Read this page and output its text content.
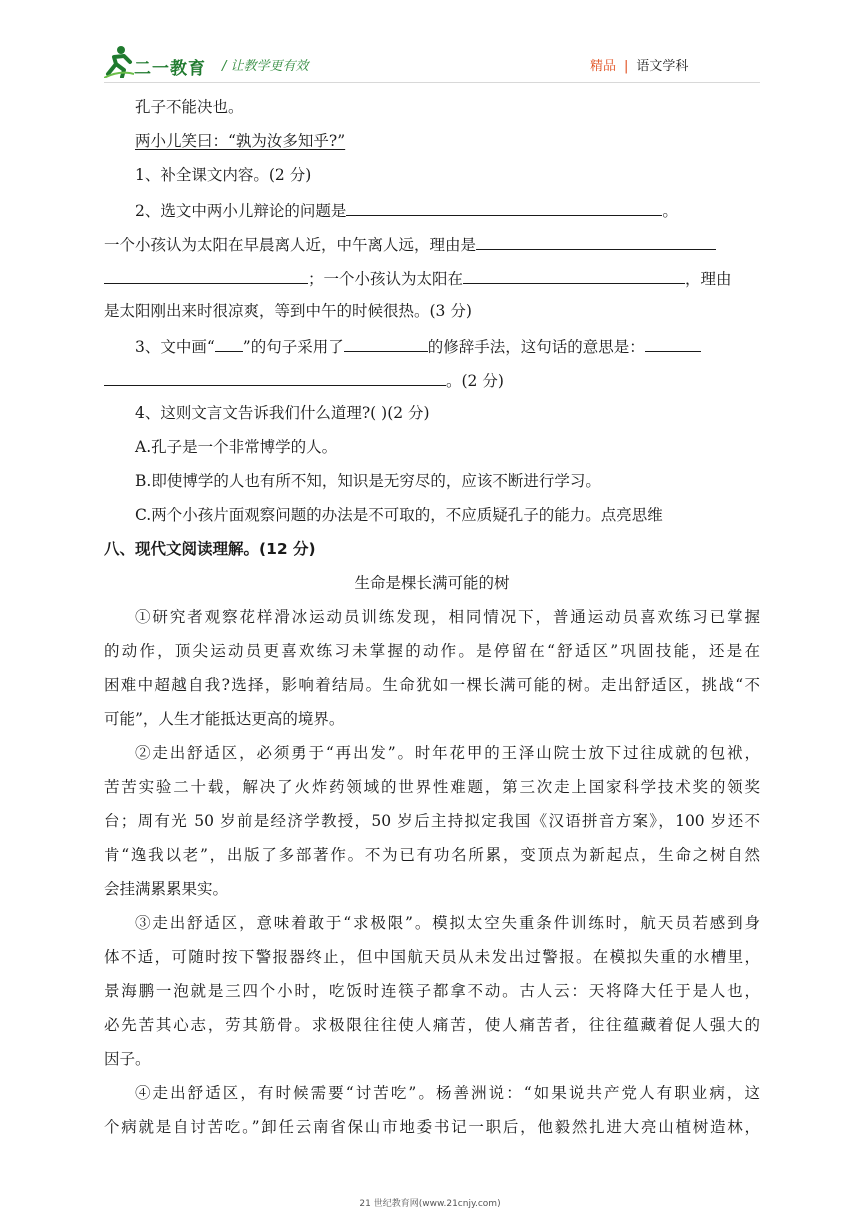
二一教育 / 让教学更有效	精品 | 语文学科
孔子不能决也。
两小儿笑曰：“孰为汝多知乎?”
1、补全课文内容。(2 分)
2、选文中两小儿辩论的问题是	。
一个小孩认为太阳在早晨离人近，中午离人远，理由是
；一个小孩认为太阳在	，理由
是太阳刚出来时很凉爽，等到中午的时候很热。(3 分)
3、文中画“ ”的句子采用了	的修辞手法，这句话的意思是：
。(2 分)
4、这则文言文告诉我们什么道理?( )(2 分)
A.孔子是一个非常博学的人。
B.即使博学的人也有所不知，知识是无穷尽的，应该不断进行学习。
C.两个小孩片面观察问题的办法是不可取的，不应质疑孔子的能力。点亮思维
八、现代文阅读理解。(12 分)
生命是棵长满可能的树
①研究者观察花样滑冰运动员训练发现，相同情况下，普通运动员喜欢练习已掌握
的动作，顶尖运动员更喜欢练习未掌握的动作。是停留在“舒适区”巩固技能，还是在
困难中超越自我?选择，影响着结局。生命犹如一棵长满可能的树。走出舒适区，挑战“不
可能”，人生才能抵达更高的境界。
②走出舒适区，必须勇于“再出发”。时年花甲的王泽山院士放下过往成就的包袱，
苦苦实验二十载，解决了火炸药领域的世界性难题，第三次走上国家科学技术奖的领奖
台；周有光 50 岁前是经济学教授，50 岁后主持拟定我国《汉语拼音方案》，100 岁还不
肯“逸我以老”，出版了多部著作。不为已有功名所累，变顶点为新起点，生命之树自然
会挂满累累果实。
③走出舒适区，意味着敢于“求极限”。模拟太空失重条件训练时，航天员若感到身
体不适，可随时按下警报器终止，但中国航天员从未发出过警报。在模拟失重的水槽里，
景海鹏一泡就是三四个小时，吃饭时连筷子都拿不动。古人云：天将降大任于是人也，
必先苦其心志，劳其筋骨。求极限往往使人痛苦，使人痛苦者，往往蕴藏着促人强大的
因子。
④走出舒适区，有时候需要“讨苦吃”。杨善洲说：“如果说共产党人有职业病，这
个病就是自讨苦吃。”卸任云南省保山市地委书记一职后，他毅然扎进大亮山植树造林，
21 世纪教育网(www.21cnjy.com)
